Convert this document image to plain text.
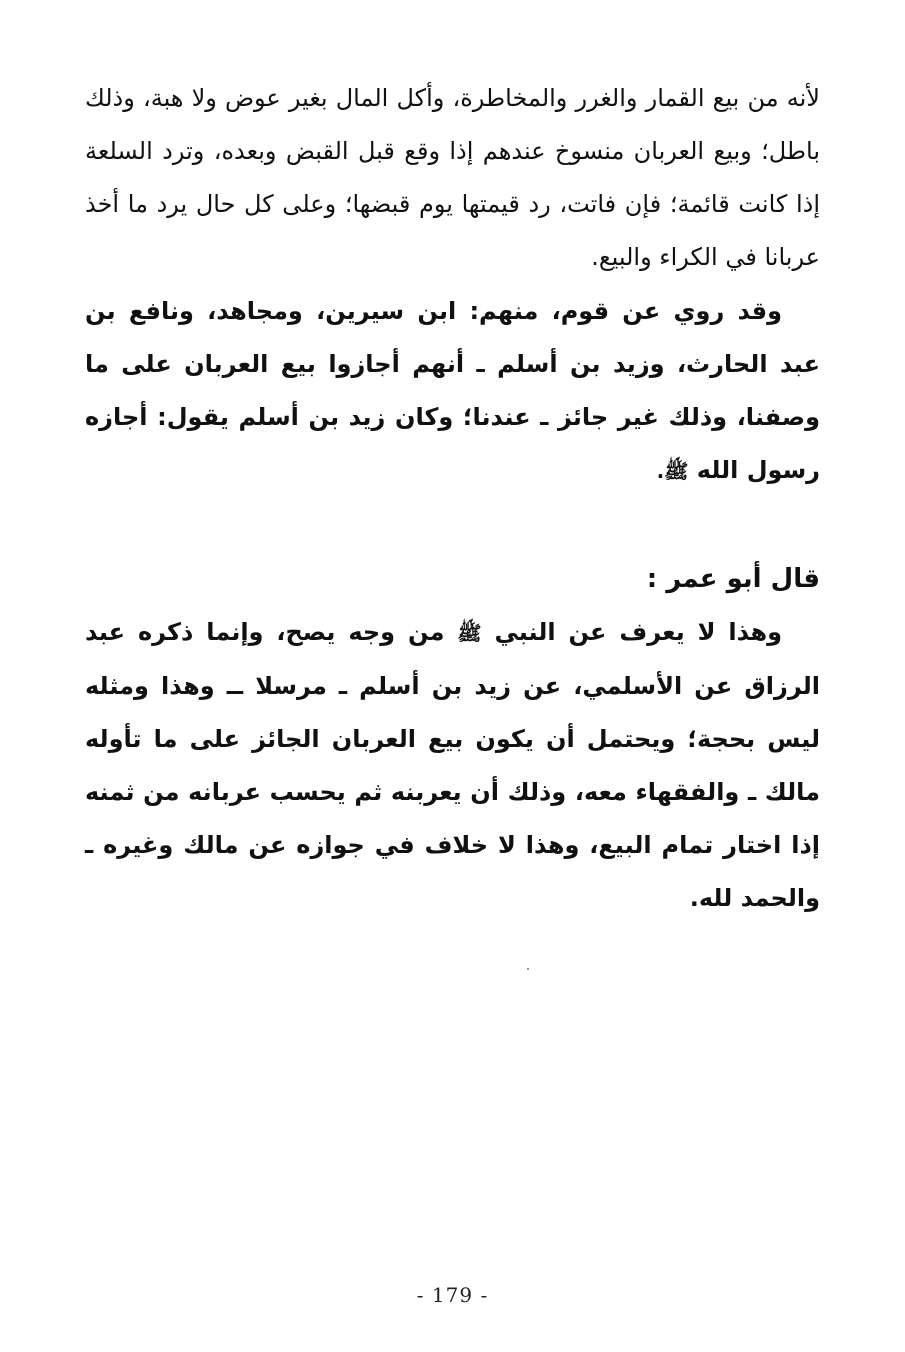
لأنه من بيع القمار والغرر والمخاطرة، وأكل المال بغير عوض ولا هبة، وذلك باطل؛ وبيع العربان منسوخ عندهم إذا وقع قبل القبض وبعده، وترد السلعة إذا كانت قائمة؛ فإن فاتت، رد قيمتها يوم قبضها؛ وعلى كل حال يرد ما أخذ عربانا في الكراء والبيع.

وقد روي عن قوم، منهم: ابن سيرين، ومجاهد، ونافع بن عبد الحارث، وزيد بن أسلم ـ أنهم أجازوا بيع العربان على ما وصفنا، وذلك غير جائز ـ عندنا؛ وكان زيد بن أسلم يقول: أجازه رسول الله ﷺ.

قال أبو عمر :

وهذا لا يعرف عن النبي ﷺ من وجه يصح، وإنما ذكره عبد الرزاق عن الأسلمي، عن زيد بن أسلم ـ مرسلا ــ وهذا ومثله ليس بحجة؛ ويحتمل أن يكون بيع العربان الجائز على ما تأوله مالك ـ والفقهاء معه، وذلك أن يعربنه ثم يحسب عربانه من ثمنه إذا اختار تمام البيع، وهذا لا خلاف في جوازه عن مالك وغيره ـ والحمد لله.

- 179 -
